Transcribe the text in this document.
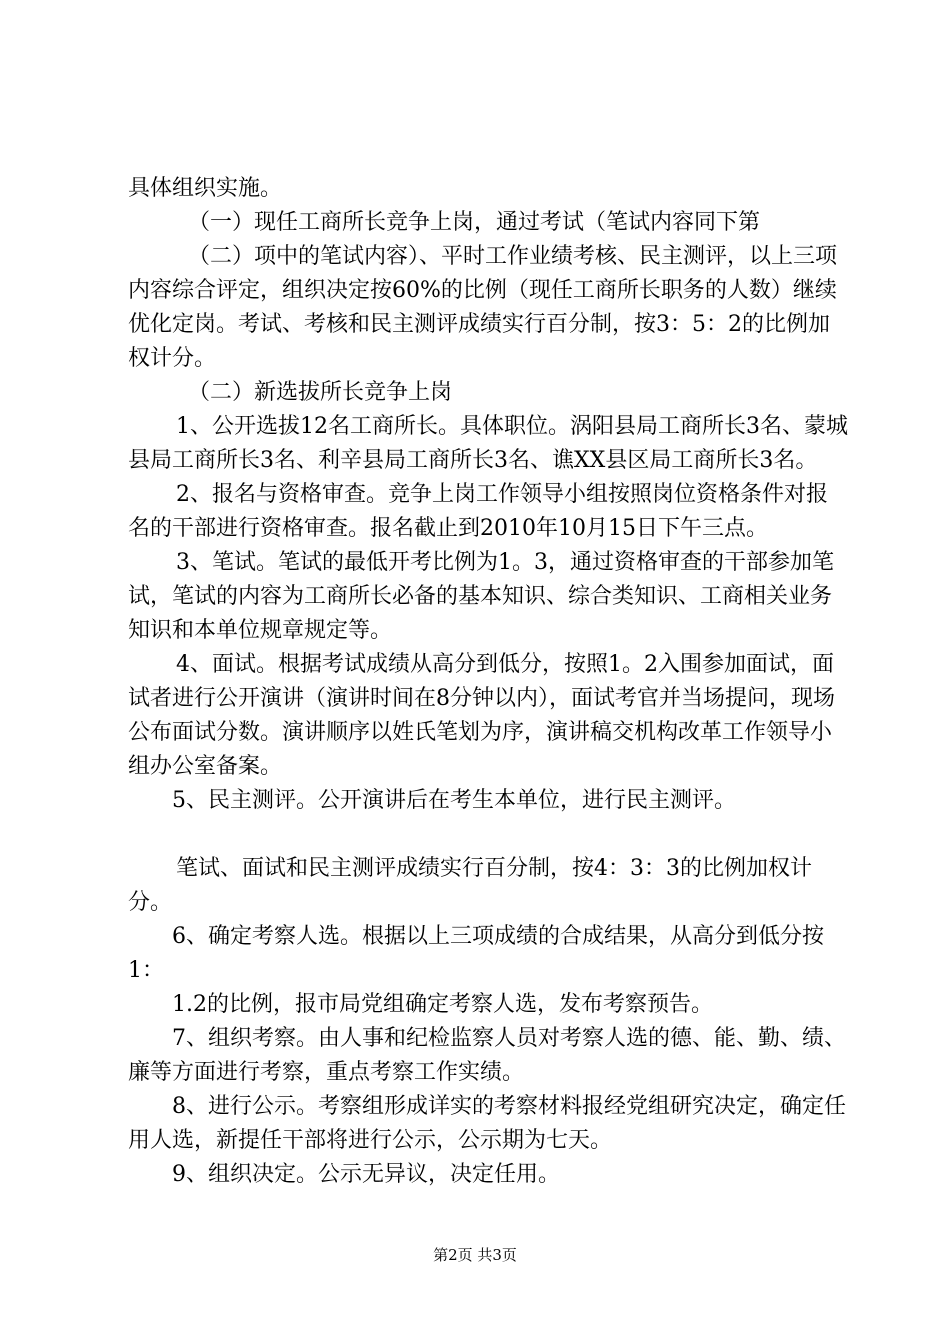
具体组织实施。

（一）现任工商所长竞争上岗，通过考试（笔试内容同下第

（二）项中的笔试内容）、平时工作业绩考核、民主测评，以上三项内容综合评定，组织决定按60%的比例（现任工商所长职务的人数）继续优化定岗。考试、考核和民主测评成绩实行百分制，按3：5：2的比例加权计分。

（二）新选拔所长竞争上岗

1、公开选拔12名工商所长。具体职位。涡阳县局工商所长3名、蒙城县局工商所长3名、利辛县局工商所长3名、谯XX县区局工商所长3名。

2、报名与资格审查。竞争上岗工作领导小组按照岗位资格条件对报名的干部进行资格审查。报名截止到2010年10月15日下午三点。

3、笔试。笔试的最低开考比例为1。3，通过资格审查的干部参加笔试，笔试的内容为工商所长必备的基本知识、综合类知识、工商相关业务知识和本单位规章规定等。

4、面试。根据考试成绩从高分到低分，按照1。2入围参加面试，面试者进行公开演讲（演讲时间在8分钟以内），面试考官并当场提问，现场公布面试分数。演讲顺序以姓氏笔划为序，演讲稿交机构改革工作领导小组办公室备案。

5、民主测评。公开演讲后在考生本单位，进行民主测评。

笔试、面试和民主测评成绩实行百分制，按4：3：3的比例加权计分。

6、确定考察人选。根据以上三项成绩的合成结果，从高分到低分按1：

1.2的比例，报市局党组确定考察人选，发布考察预告。

7、组织考察。由人事和纪检监察人员对考察人选的德、能、勤、绩、廉等方面进行考察，重点考察工作实绩。

8、进行公示。考察组形成详实的考察材料报经党组研究决定，确定任用人选，新提任干部将进行公示，公示期为七天。

9、组织决定。公示无异议，决定任用。

第2页 共3页
